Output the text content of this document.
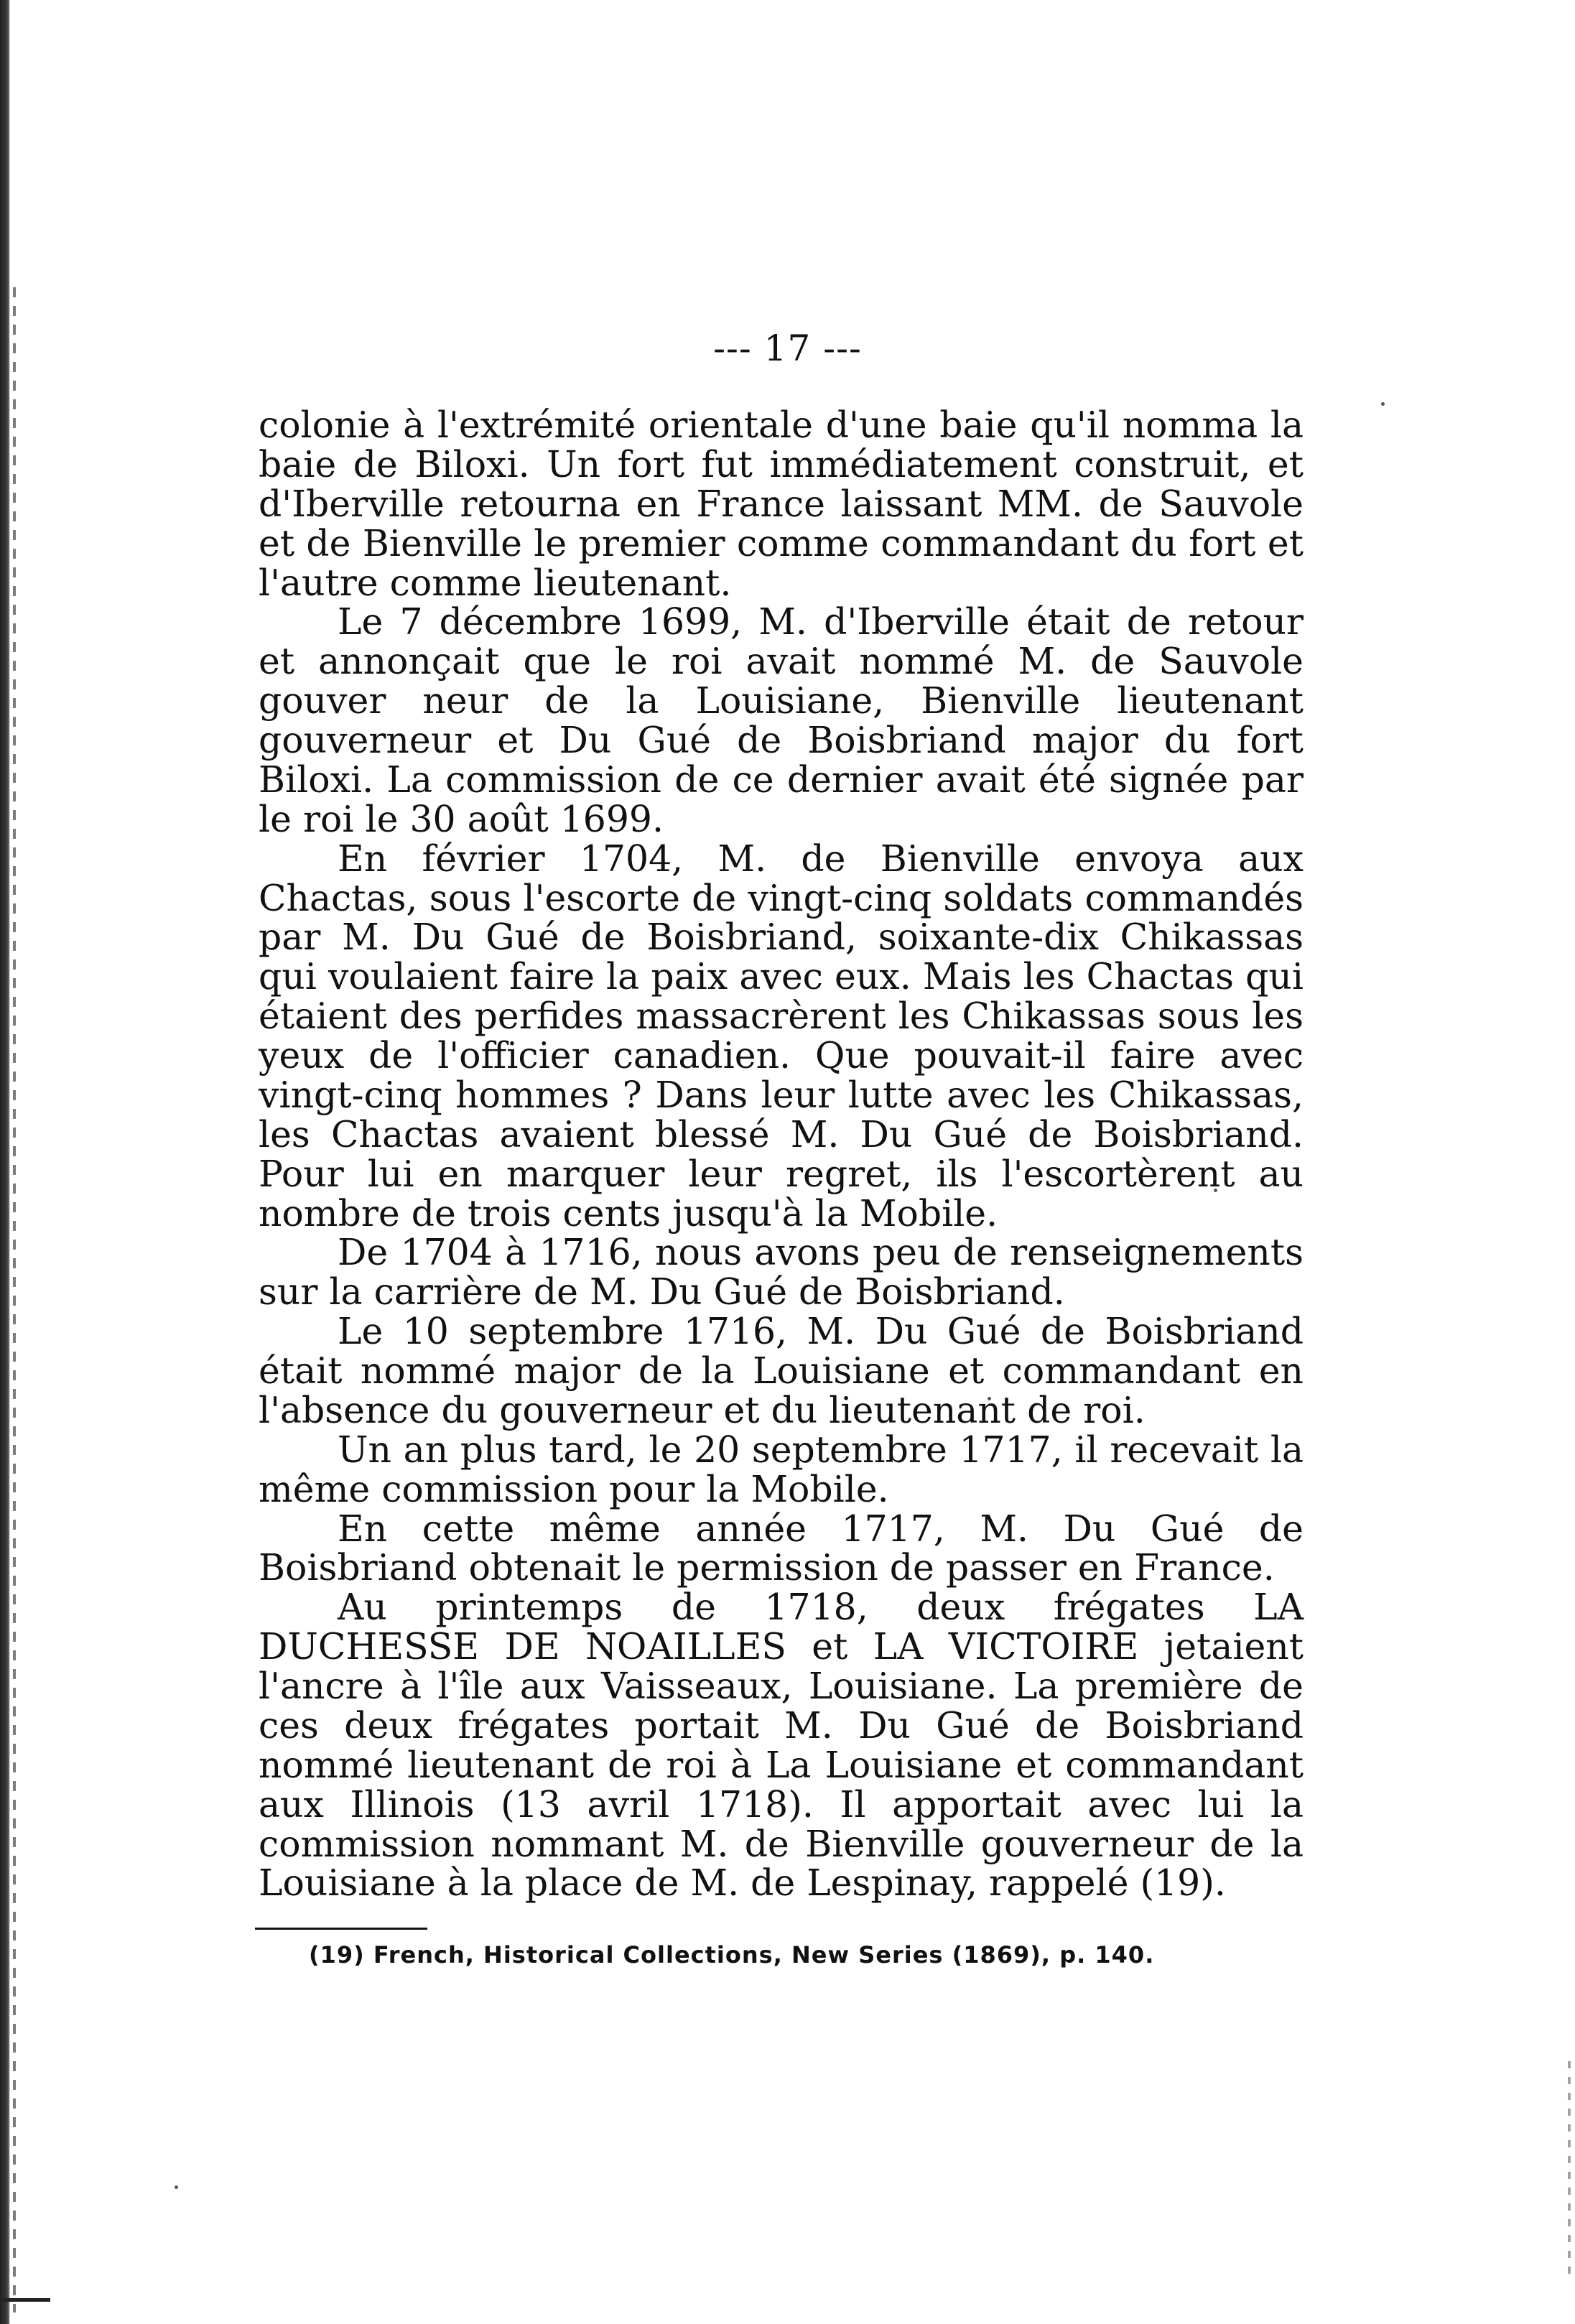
--- 17 ---

colonie à l'extrémité orientale d'une baie qu'il nomma la baie de Biloxi. Un fort fut immédiatement construit, et d'Iberville retourna en France laissant MM. de Sauvole et de Bienville le premier comme commandant du fort et l'autre comme lieutenant.

Le 7 décembre 1699, M. d'Iberville était de retour et annonçait que le roi avait nommé M. de Sauvole gouver neur de la Louisiane, Bienville lieutenant gouverneur et Du Gué de Boisbriand major du fort Biloxi. La commission de ce dernier avait été signée par le roi le 30 août 1699.

En février 1704, M. de Bienville envoya aux Chactas, sous l'escorte de vingt-cinq soldats commandés par M. Du Gué de Boisbriand, soixante-dix Chikassas qui voulaient faire la paix avec eux. Mais les Chactas qui étaient des perfides massacrèrent les Chikassas sous les yeux de l'officier canadien. Que pouvait-il faire avec vingt-cinq hommes ? Dans leur lutte avec les Chikassas, les Chactas avaient blessé M. Du Gué de Boisbriand. Pour lui en marquer leur regret, ils l'escortèrent au nombre de trois cents jusqu'à la Mobile.

De 1704 à 1716, nous avons peu de renseignements sur la carrière de M. Du Gué de Boisbriand.

Le 10 septembre 1716, M. Du Gué de Boisbriand était nommé major de la Louisiane et commandant en l'absence du gouverneur et du lieutenant de roi.

Un an plus tard, le 20 septembre 1717, il recevait la même commission pour la Mobile.

En cette même année 1717, M. Du Gué de Boisbriand obtenait le permission de passer en France.

Au printemps de 1718, deux frégates LA DUCHESSE DE NOAILLES et LA VICTOIRE jetaient l'ancre à l'île aux Vaisseaux, Louisiane. La première de ces deux frégates portait M. Du Gué de Boisbriand nommé lieutenant de roi à La Louisiane et commandant aux Illinois (13 avril 1718). Il apportait avec lui la commission nommant M. de Bienville gouverneur de la Louisiane à la place de M. de Lespinay, rappelé (19).

(19) French, Historical Collections, New Series (1869), p. 140.
